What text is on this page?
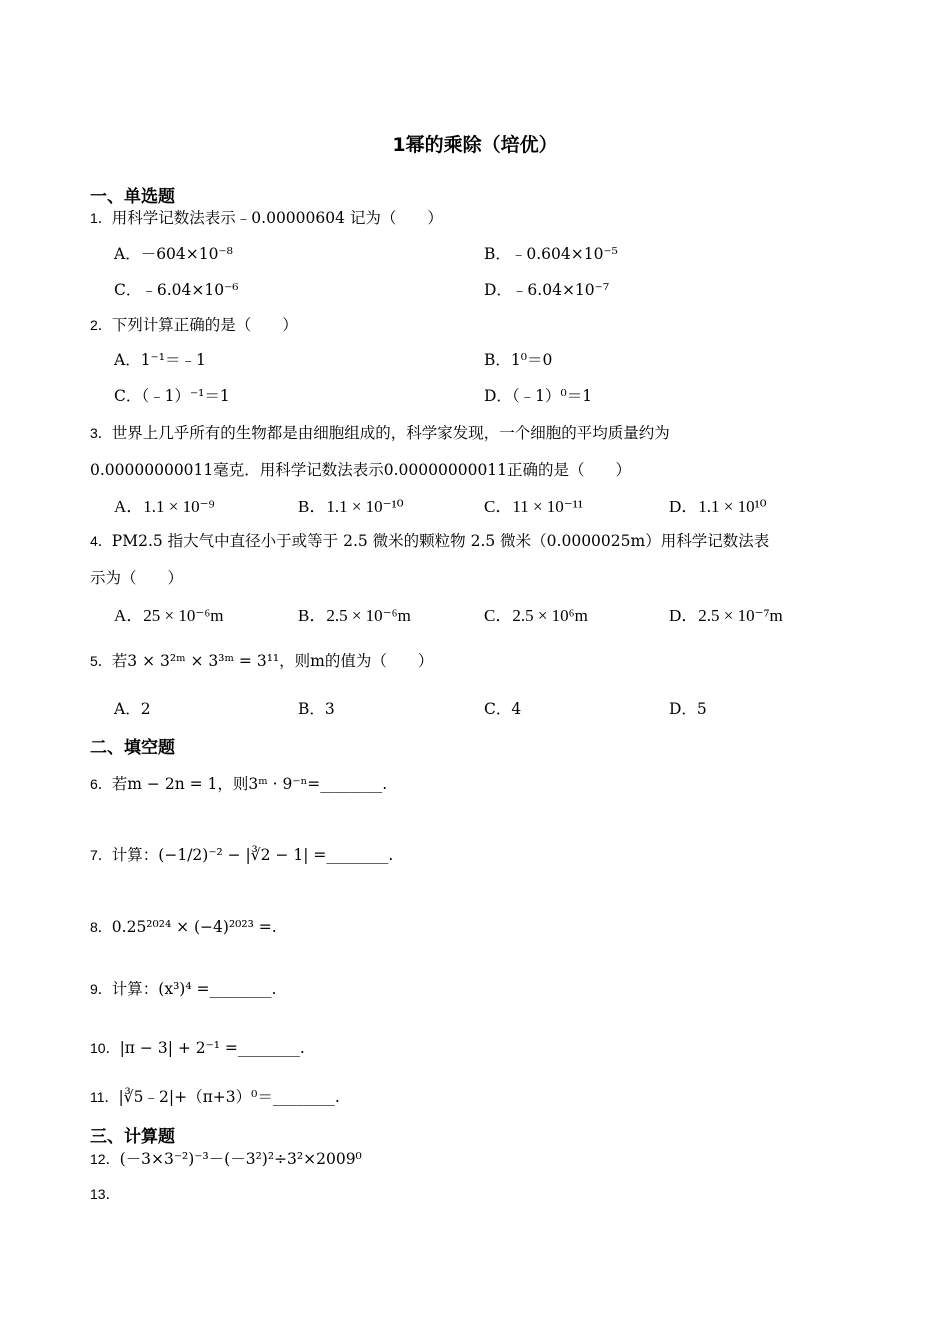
1幂的乘除（培优）
一、单选题
1．用科学记数法表示﹣0.00000604 记为（　　）
A．－604×10⁻⁸	B．﹣0.604×10⁻⁵
C．﹣6.04×10⁻⁶	D．﹣6.04×10⁻⁷
2．下列计算正确的是（　　）
A．1⁻¹＝﹣1	B．1⁰＝0
C．（﹣1）⁻¹＝1	D．（﹣1）⁰＝1
3．世界上几乎所有的生物都是由细胞组成的，科学家发现，一个细胞的平均质量约为
0.00000000011毫克．用科学记数法表示0.00000000011正确的是（　　）
A．1.1 × 10⁻⁹	B．1.1 × 10⁻¹⁰	C．11 × 10⁻¹¹	D．1.1 × 10¹⁰
4．PM2.5 指大气中直径小于或等于 2.5 微米的颗粒物 2.5 微米（0.0000025m）用科学记数法表
示为（　　）
A．25 × 10⁻⁶m	B．2.5 × 10⁻⁶m	C．2.5 × 10⁶m	D．2.5 × 10⁻⁷m
5．若3 × 3²ᵐ × 3³ᵐ = 3¹¹，则m的值为（　　）
A．2	B．3	C．4	D．5
二、填空题
6．若m − 2n = 1，则3ᵐ · 9⁻ⁿ=________.
7．计算：(−1/2)⁻² − |∛2 − 1| =________.
8．0.25²⁰²⁴ × (−4)²⁰²³ =.
9．计算：(x³)⁴ =________.
10．|π − 3| + 2⁻¹ =________.
11．|∛5﹣2|+（π+3）⁰＝________.
三、计算题
12．(－3×3⁻²)⁻³－(－3²)²÷3²×2009⁰
13．
